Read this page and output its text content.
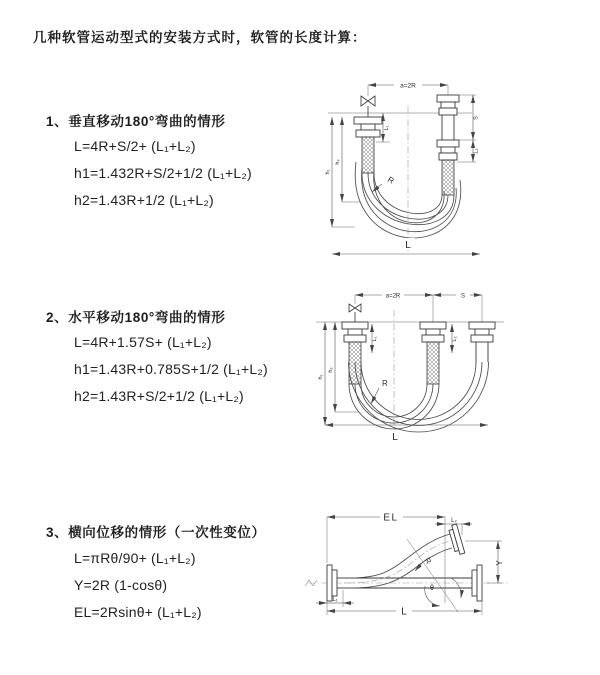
几种软管运动型式的安装方式时，软管的长度计算：
1、垂直移动180°弯曲的情形
L=4R+S/2+ (L₁+L₂)
h1=1.432R+S/2+1/2 (L₁+L₂)
h2=1.43R+1/2 (L₁+L₂)
2、水平移动180°弯曲的情形
L=4R+1.57S+ (L₁+L₂)
h1=1.43R+0.785S+1/2 (L₁+L₂)
h2=1.43R+S/2+1/2 (L₁+L₂)
3、横向位移的情形（一次性变位）
L=πRθ/90+ (L₁+L₂)
Y=2R (1-cosθ)
EL=2Rsinθ+ (L₁+L₂)
a=2R
R
h₁
h₂
L₁
S
L₂
L
a=2R	S
R
h₁
h₂
L₁	L₂
L
EL	L₂
R
θ
Y
L₁
L
